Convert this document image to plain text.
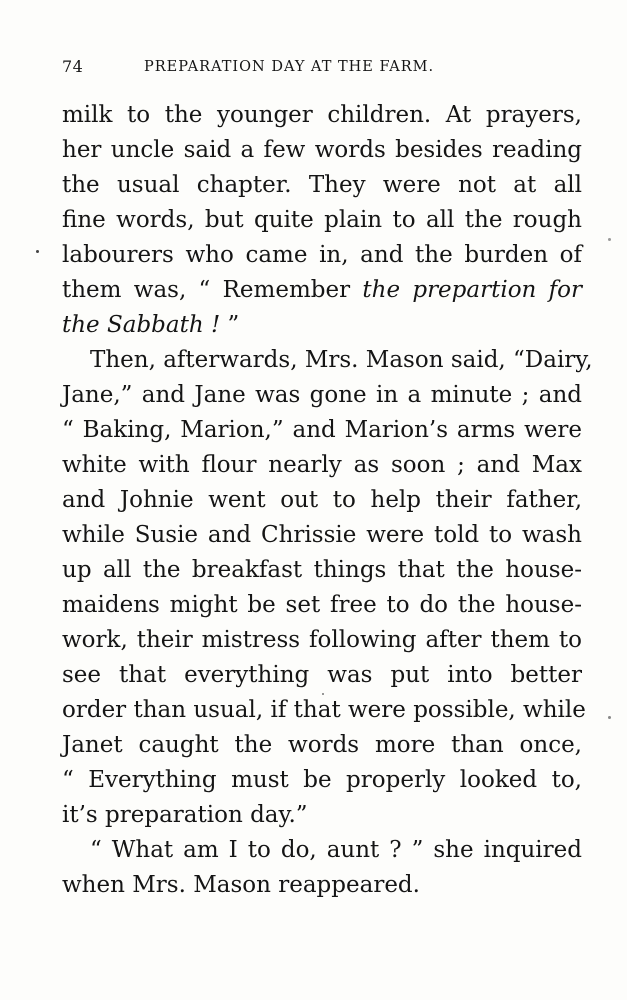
74	PREPARATION DAY AT THE FARM.
milk to the younger children. At prayers,
her uncle said a few words besides reading
the usual chapter. They were not at all
fine words, but quite plain to all the rough
labourers who came in, and the burden of
them was, “ Remember the prepartion for
the Sabbath ! ”
Then, afterwards, Mrs. Mason said, “Dairy,
Jane,” and Jane was gone in a minute ; and
“ Baking, Marion,” and Marion’s arms were
white with flour nearly as soon ; and Max
and Johnie went out to help their father,
while Susie and Chrissie were told to wash
up all the breakfast things that the house-
maidens might be set free to do the house-
work, their mistress following after them to
see that everything was put into better
order than usual, if that were possible, while
Janet caught the words more than once,
“ Everything must be properly looked to,
it’s preparation day.”
“ What am I to do, aunt ? ” she inquired
when Mrs. Mason reappeared.
